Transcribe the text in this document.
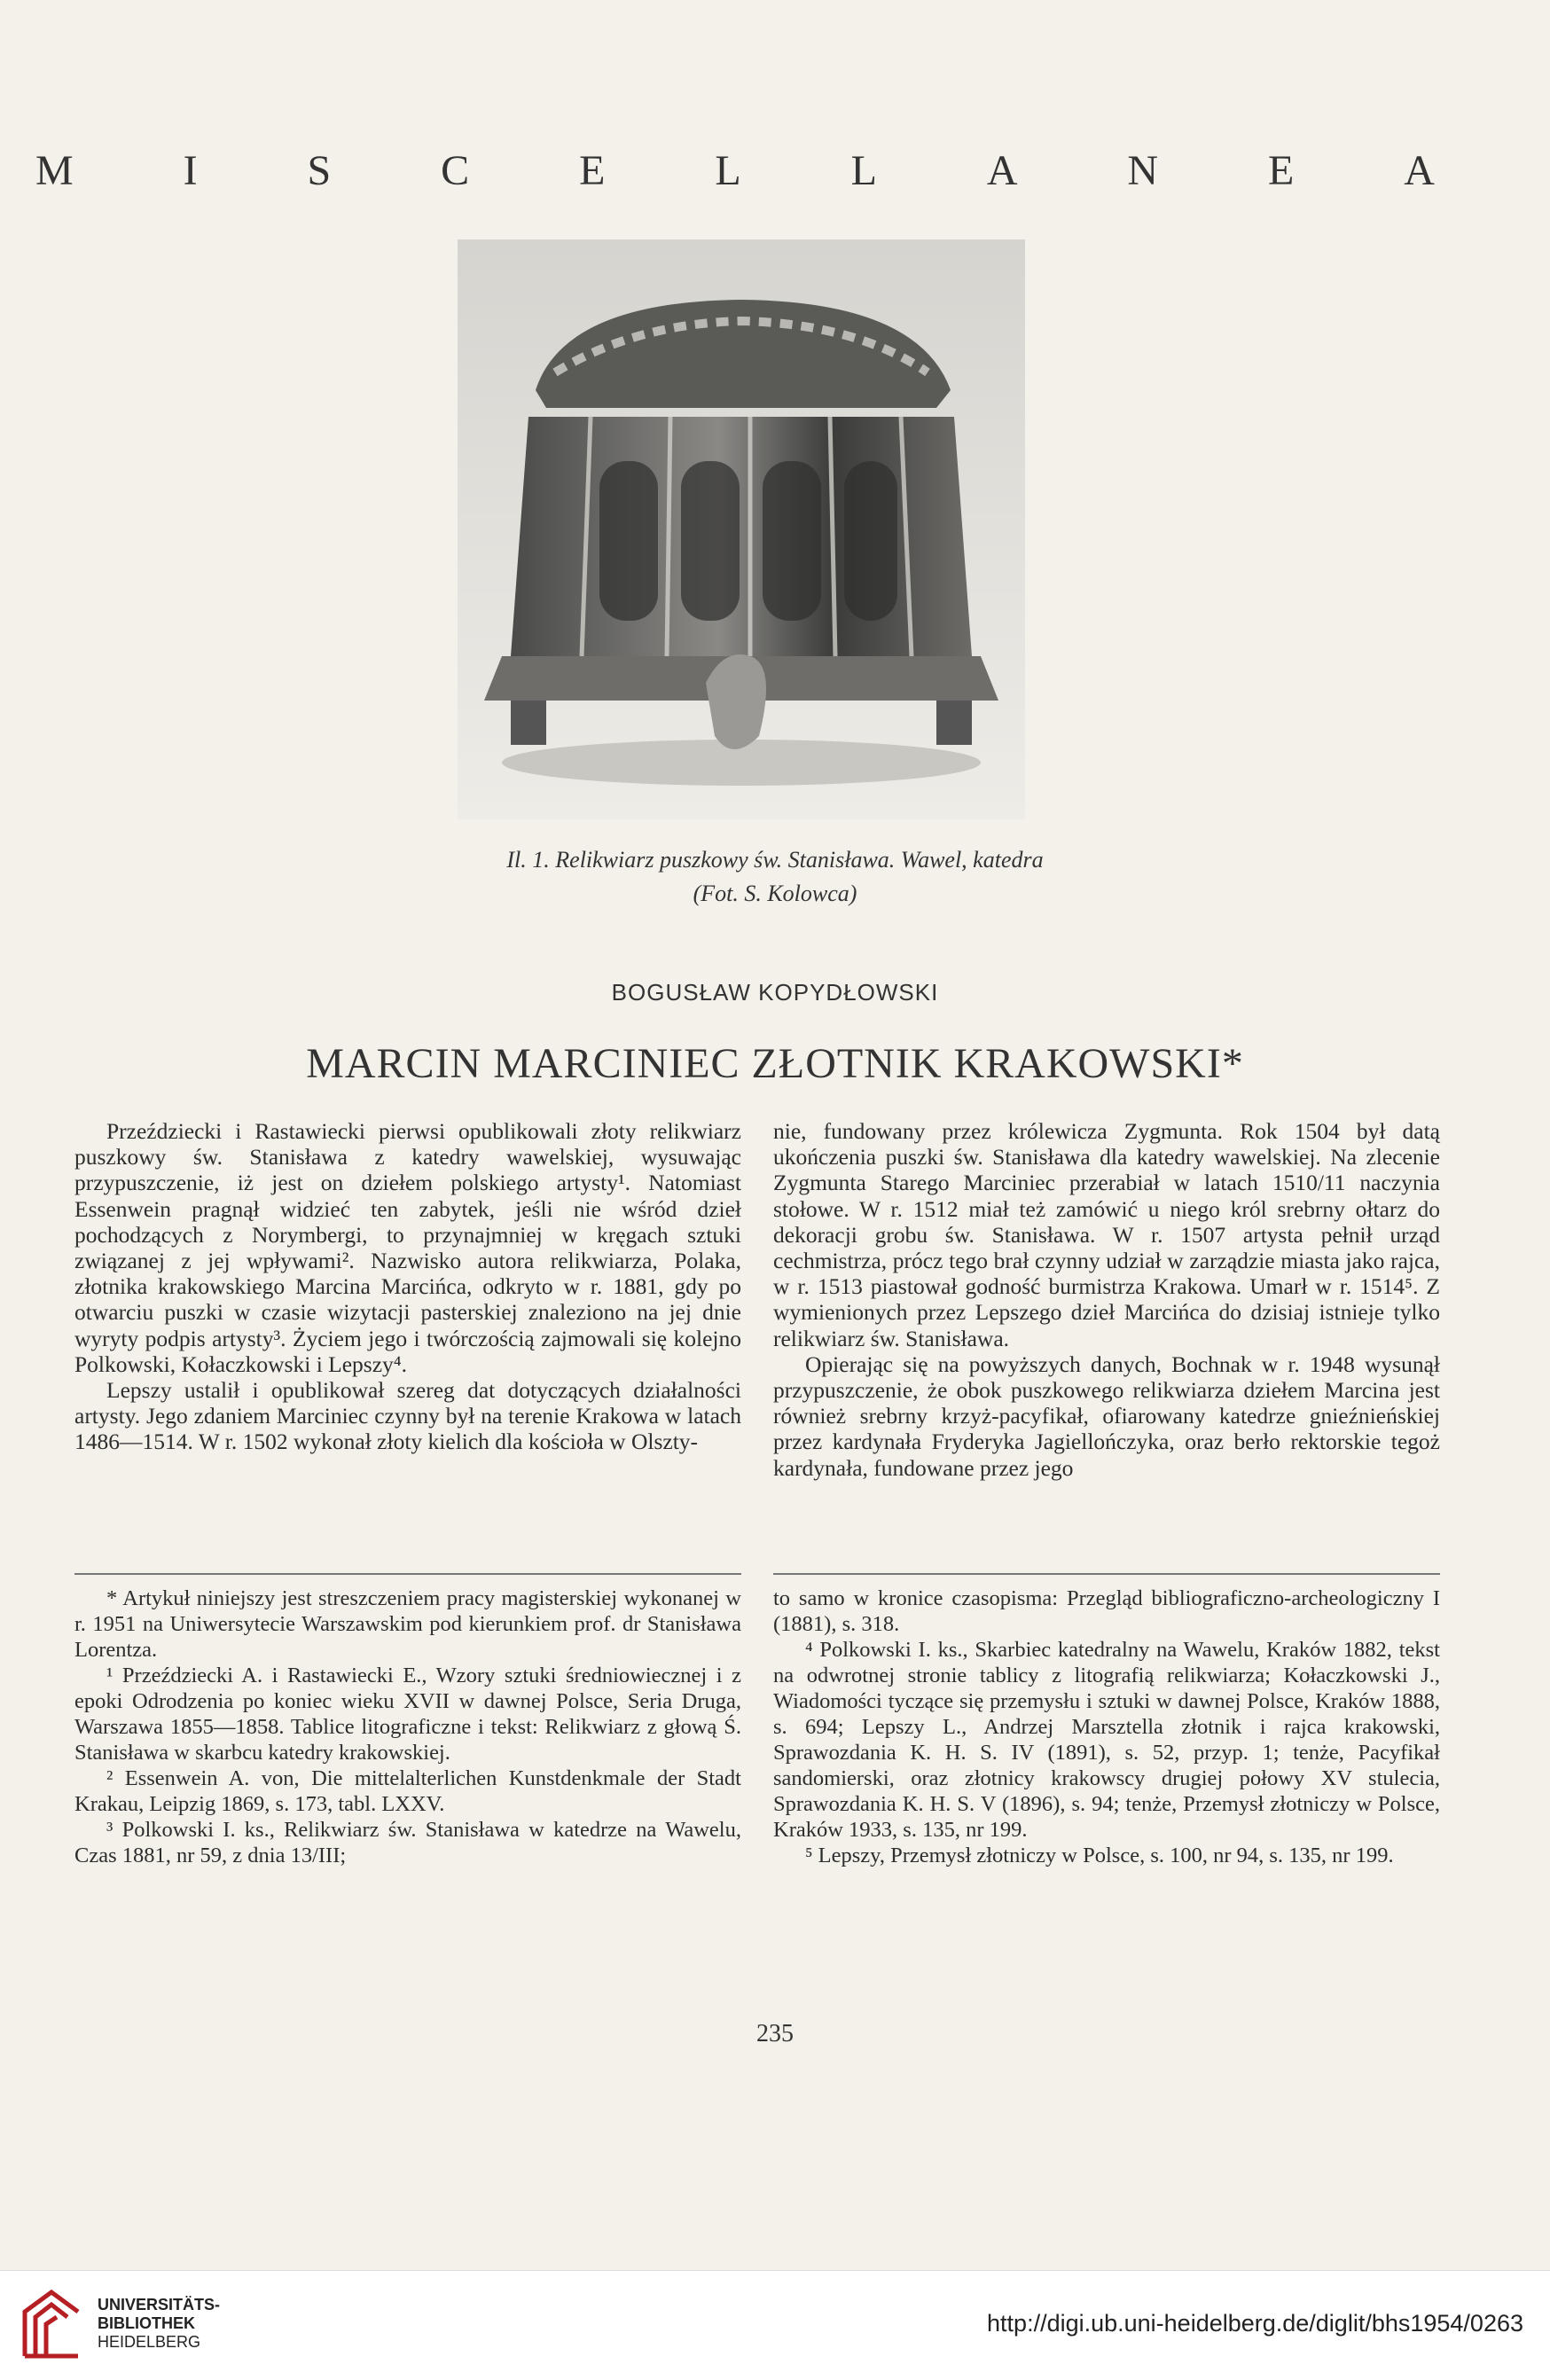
M	I	S	C	E	L	L	A	N	E	A
Il. 1. Relikwiarz puszkowy św. Stanisława. Wawel, katedra
(Fot. S. Kolowca)
BOGUSŁAW KOPYDŁOWSKI
MARCIN MARCINIEC ZŁOTNIK KRAKOWSKI*

Przeździecki i Rastawiecki pierwsi opublikowali złoty relikwiarz puszkowy św. Stanisława z katedry wawelskiej, wysuwając przypuszczenie, iż jest on dziełem polskiego artysty¹. Natomiast Essenwein pragnął widzieć ten zabytek, jeśli nie wśród dzieł pochodzących z Norymbergi, to przynajmniej w kręgach sztuki związanej z jej wpływami². Nazwisko autora relikwiarza, Polaka, złotnika krakowskiego Marcina Marcińca, odkryto w r. 1881, gdy po otwarciu puszki w czasie wizytacji pasterskiej znaleziono na jej dnie wyryty podpis artysty³. Życiem jego i twórczością zajmowali się kolejno Polkowski, Kołaczkowski i Lepszy⁴.

Lepszy ustalił i opublikował szereg dat dotyczących działalności artysty. Jego zdaniem Marciniec czynny był na terenie Krakowa w latach 1486—1514. W r. 1502 wykonał złoty kielich dla kościoła w Olszty-

nie, fundowany przez królewicza Zygmunta. Rok 1504 był datą ukończenia puszki św. Stanisława dla katedry wawelskiej. Na zlecenie Zygmunta Starego Marciniec przerabiał w latach 1510/11 naczynia stołowe. W r. 1512 miał też zamówić u niego król srebrny ołtarz do dekoracji grobu św. Stanisława. W r. 1507 artysta pełnił urząd cechmistrza, prócz tego brał czynny udział w zarządzie miasta jako rajca, w r. 1513 piastował godność burmistrza Krakowa. Umarł w r. 1514⁵. Z wymienionych przez Lepszego dzieł Marcińca do dzisiaj istnieje tylko relikwiarz św. Stanisława.

Opierając się na powyższych danych, Bochnak w r. 1948 wysunął przypuszczenie, że obok puszkowego relikwiarza dziełem Marcina jest również srebrny krzyż-pacyfikał, ofiarowany katedrze gnieźnieńskiej przez kardynała Fryderyka Jagiellończyka, oraz berło rektorskie tegoż kardynała, fundowane przez jego

* Artykuł niniejszy jest streszczeniem pracy magisterskiej wykonanej w r. 1951 na Uniwersytecie Warszawskim pod kierunkiem prof. dr Stanisława Lorentza.

¹ Przeździecki A. i Rastawiecki E., Wzory sztuki średniowiecznej i z epoki Odrodzenia po koniec wieku XVII w dawnej Polsce, Seria Druga, Warszawa 1855—1858. Tablice litograficzne i tekst: Relikwiarz z głową Ś. Stanisława w skarbcu katedry krakowskiej.

² Essenwein A. von, Die mittelalterlichen Kunstdenkmale der Stadt Krakau, Leipzig 1869, s. 173, tabl. LXXV.

³ Polkowski I. ks., Relikwiarz św. Stanisława w katedrze na Wawelu, Czas 1881, nr 59, z dnia 13/III;

to samo w kronice czasopisma: Przegląd bibliograficzno-archeologiczny I (1881), s. 318.

⁴ Polkowski I. ks., Skarbiec katedralny na Wawelu, Kraków 1882, tekst na odwrotnej stronie tablicy z litografią relikwiarza; Kołaczkowski J., Wiadomości tyczące się przemysłu i sztuki w dawnej Polsce, Kraków 1888, s. 694; Lepszy L., Andrzej Marsztella złotnik i rajca krakowski, Sprawozdania K. H. S. IV (1891), s. 52, przyp. 1; tenże, Pacyfikał sandomierski, oraz złotnicy krakowscy drugiej połowy XV stulecia, Sprawozdania K. H. S. V (1896), s. 94; tenże, Przemysł złotniczy w Polsce, Kraków 1933, s. 135, nr 199.

⁵ Lepszy, Przemysł złotniczy w Polsce, s. 100, nr 94, s. 135, nr 199.

235
UNIVERSITÄTS-
BIBLIOTHEK
HEIDELBERG
http://digi.ub.uni-heidelberg.de/diglit/bhs1954/0263
